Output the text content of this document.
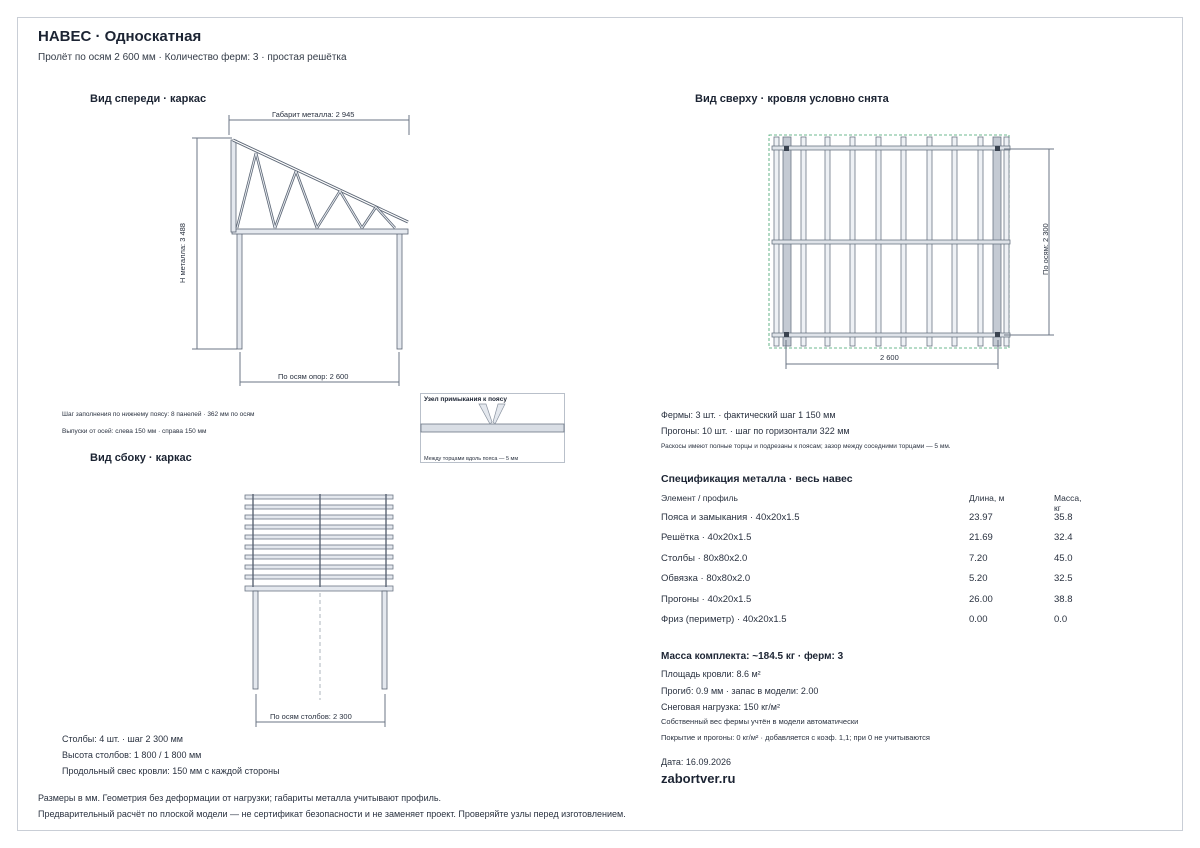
НАВЕС · Односкатная
Пролёт по осям 2 600 мм · Количество ферм: 3 · простая решётка
Вид спереди · каркас
Габарит металла: 2 945
H металла: 3 488
По осям опор: 2 600
Шаг заполнения по нижнему поясу: 8 панелей · 362 мм по осям
Выпуски от осей: слева 150 мм · справа 150 мм
Узел примыкания к поясу
Между торцами вдоль пояса — 5 мм
Вид сбоку · каркас
По осям столбов: 2 300
Столбы: 4 шт. · шаг 2 300 мм
Высота столбов: 1 800 / 1 800 мм
Продольный свес кровли: 150 мм с каждой стороны
Вид сверху · кровля условно снята
По осям: 2 300
2 600
Фермы: 3 шт. · фактический шаг 1 150 мм
Прогоны: 10 шт. · шаг по горизонтали 322 мм
Раскосы имеют полные торцы и подрезаны к поясам; зазор между соседними торцами — 5 мм.
Спецификация металла · весь навес
Элемент / профиль	Длина, м	Масса, кг
Пояса и замыкания · 40x20x1.5	23.97	35.8
Решётка · 40x20x1.5	21.69	32.4
Столбы · 80x80x2.0	7.20	45.0
Обвязка · 80x80x2.0	5.20	32.5
Прогоны · 40x20x1.5	26.00	38.8
Фриз (периметр) · 40x20x1.5	0.00	0.0
Масса комплекта: ~184.5 кг · ферм: 3
Площадь кровли: 8.6 м²
Прогиб: 0.9 мм · запас в модели: 2.00
Снеговая нагрузка: 150 кг/м²
Собственный вес фермы учтён в модели автоматически
Покрытие и прогоны: 0 кг/м² · добавляется с коэф. 1,1; при 0 не учитываются
Дата: 16.09.2026
zabortver.ru
Размеры в мм. Геометрия без деформации от нагрузки; габариты металла учитывают профиль.
Предварительный расчёт по плоской модели — не сертификат безопасности и не заменяет проект. Проверяйте узлы перед изготовлением.
